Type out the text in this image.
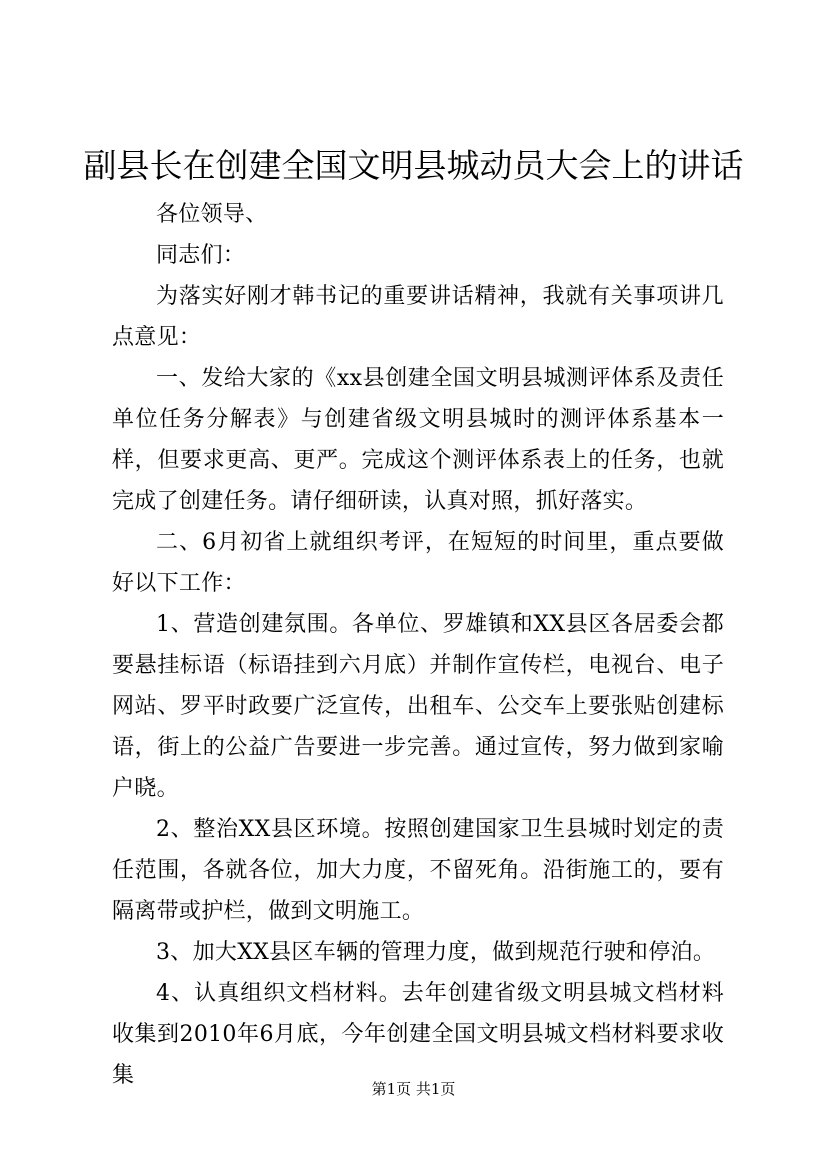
副县长在创建全国文明县城动员大会上的讲话

各位领导、

同志们：

为落实好刚才韩书记的重要讲话精神，我就有关事项讲几点意见：

一、发给大家的《xx县创建全国文明县城测评体系及责任单位任务分解表》与创建省级文明县城时的测评体系基本一样，但要求更高、更严。完成这个测评体系表上的任务，也就完成了创建任务。请仔细研读，认真对照，抓好落实。

二、6月初省上就组织考评，在短短的时间里，重点要做好以下工作：

1、营造创建氛围。各单位、罗雄镇和XX县区各居委会都要悬挂标语（标语挂到六月底）并制作宣传栏，电视台、电子网站、罗平时政要广泛宣传，出租车、公交车上要张贴创建标语，街上的公益广告要进一步完善。通过宣传，努力做到家喻户晓。

2、整治XX县区环境。按照创建国家卫生县城时划定的责任范围，各就各位，加大力度，不留死角。沿街施工的，要有隔离带或护栏，做到文明施工。

3、加大XX县区车辆的管理力度，做到规范行驶和停泊。

4、认真组织文档材料。去年创建省级文明县城文档材料收集到2010年6月底，今年创建全国文明县城文档材料要求收集

第1页 共1页
